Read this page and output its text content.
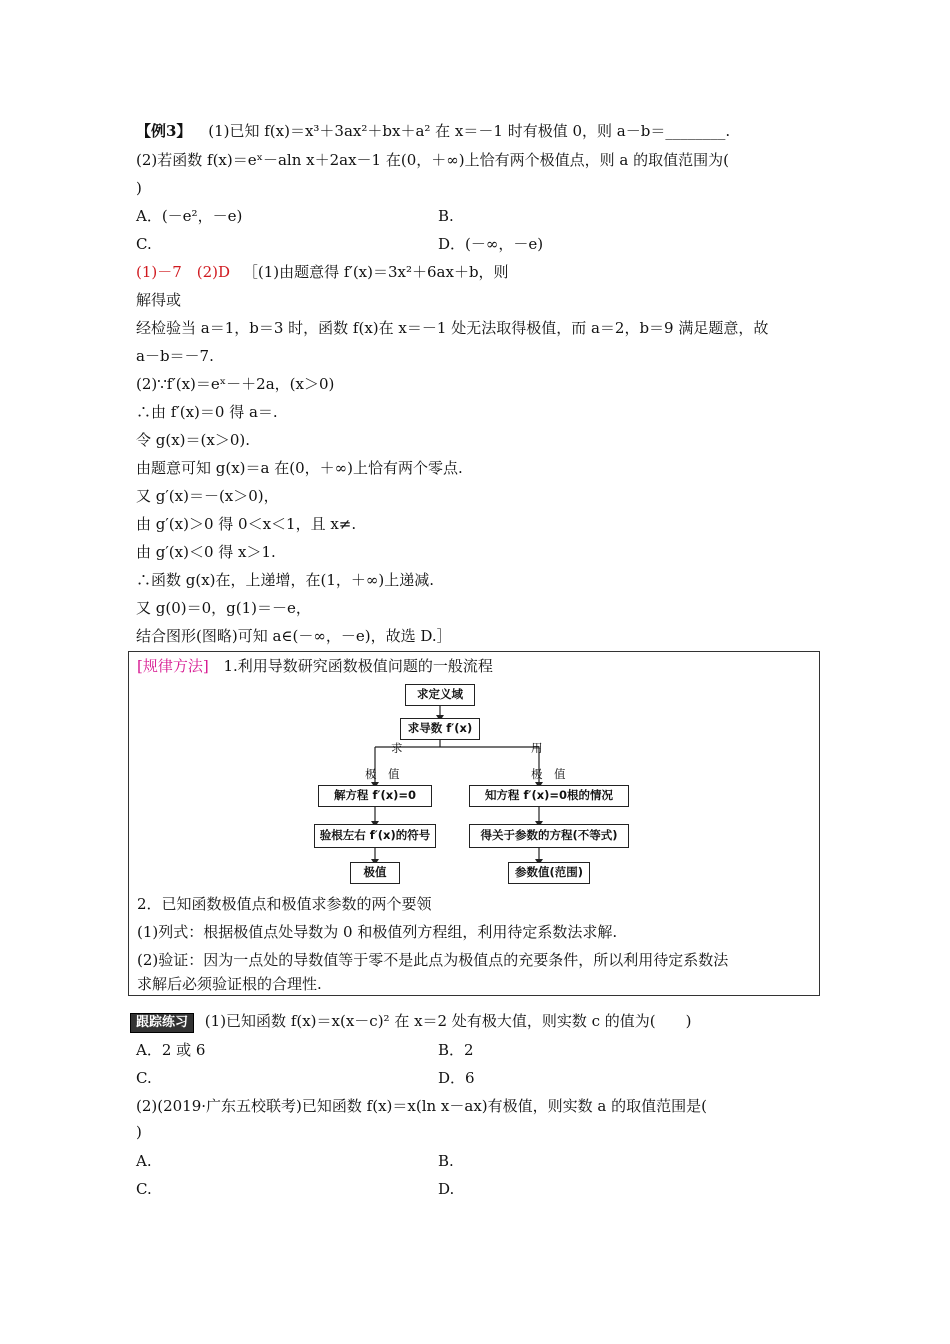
【例3】 (1)已知 f(x)＝x³＋3ax²＋bx＋a² 在 x＝－1 时有极值 0，则 a－b＝________.
(2)若函数 f(x)＝eˣ－aln x＋2ax－1 在(0，＋∞)上恰有两个极值点，则 a 的取值范围为(
)
A．(－e²，－e)	B.
C.	D．(－∞，－e)
(1)－7　(2)D ［(1)由题意得 f′(x)＝3x²＋6ax＋b，则
解得或
经检验当 a＝1，b＝3 时，函数 f(x)在 x＝－1 处无法取得极值，而 a＝2，b＝9 满足题意，故
a－b＝－7.
(2)∵f′(x)＝eˣ－＋2a，(x＞0)
∴由 f′(x)＝0 得 a＝.
令 g(x)＝(x＞0).
由题意可知 g(x)＝a 在(0，＋∞)上恰有两个零点.
又 g′(x)＝－(x＞0)，
由 g′(x)＞0 得 0＜x＜1，且 x≠.
由 g′(x)＜0 得 x＞1.
∴函数 g(x)在，上递增，在(1，＋∞)上递减.
又 g(0)＝0，g(1)＝－e，
结合图形(图略)可知 a∈(－∞，－e)，故选 D.］
[规律方法] 1.利用导数研究函数极值问题的一般流程
求定义域
求导数 f′(x)
求
极　值
用
极　值
解方程 f′(x)=0	知方程 f′(x)=0根的情况
验根左右 f′(x)的符号	得关于参数的方程(不等式)
极值	参数值(范围)
2．已知函数极值点和极值求参数的两个要领
(1)列式：根据极值点处导数为 0 和极值列方程组，利用待定系数法求解.
(2)验证：因为一点处的导数值等于零不是此点为极值点的充要条件，所以利用待定系数法
求解后必须验证根的合理性.
跟踪练习 (1)已知函数 f(x)＝x(x－c)² 在 x＝2 处有极大值，则实数 c 的值为(　　)
A．2 或 6	B．2
C.	D．6
(2)(2019·广东五校联考)已知函数 f(x)＝x(ln x－ax)有极值，则实数 a 的取值范围是(
)
A.	B.
C.	D.
